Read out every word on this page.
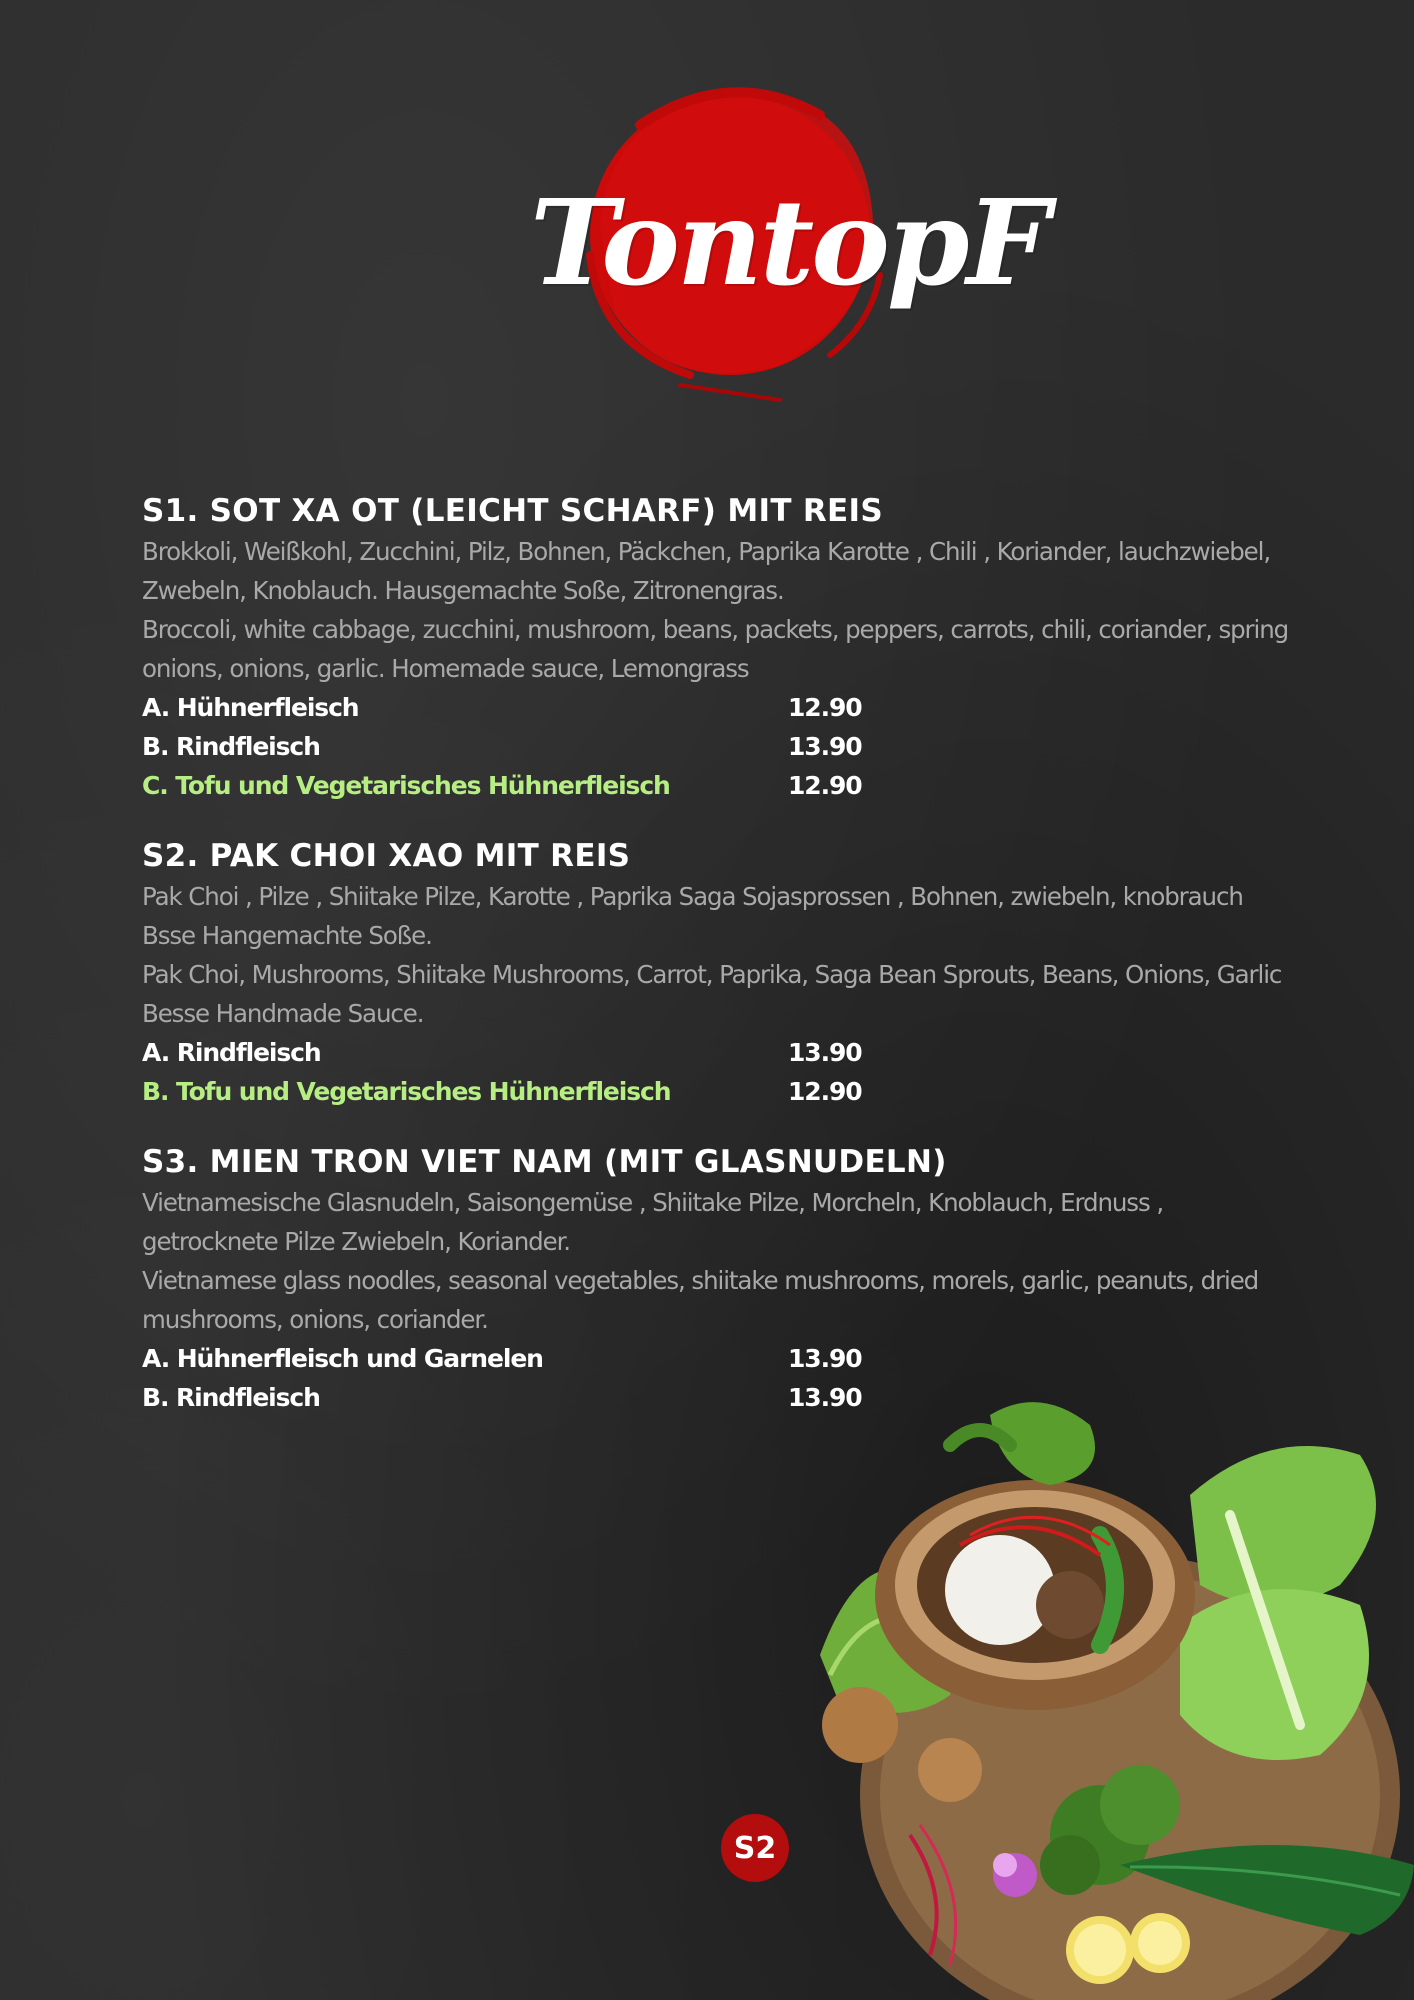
TontopF
S1. SOT XA OT (LEICHT SCHARF) MIT REIS
Brokkoli, Weißkohl, Zucchini, Pilz, Bohnen, Päckchen, Paprika Karotte , Chili , Koriander, lauchzwiebel, Zwebeln, Knoblauch. Hausgemachte Soße, Zitronengras.
Broccoli, white cabbage, zucchini, mushroom, beans, packets, peppers, carrots, chili, coriander, spring onions, onions, garlic. Homemade sauce, Lemongrass
A. Hühnerfleisch	12.90
B. Rindfleisch	13.90
C. Tofu und Vegetarisches Hühnerfleisch	12.90
S2. PAK CHOI XAO MIT REIS
Pak Choi , Pilze , Shiitake Pilze, Karotte , Paprika Saga Sojasprossen , Bohnen, zwiebeln, knobrauch Bsse Hangemachte Soße.
Pak Choi, Mushrooms, Shiitake Mushrooms, Carrot, Paprika, Saga Bean Sprouts, Beans, Onions, Garlic Besse Handmade Sauce.
A. Rindfleisch	13.90
B. Tofu und Vegetarisches Hühnerfleisch	12.90
S3. MIEN TRON VIET NAM (MIT GLASNUDELN)
Vietnamesische Glasnudeln, Saisongemüse , Shiitake Pilze, Morcheln, Knoblauch, Erdnuss , getrocknete Pilze Zwiebeln, Koriander.
Vietnamese glass noodles, seasonal vegetables, shiitake mushrooms, morels, garlic, peanuts, dried mushrooms, onions, coriander.
A. Hühnerfleisch und Garnelen	13.90
B. Rindfleisch	13.90
S2
